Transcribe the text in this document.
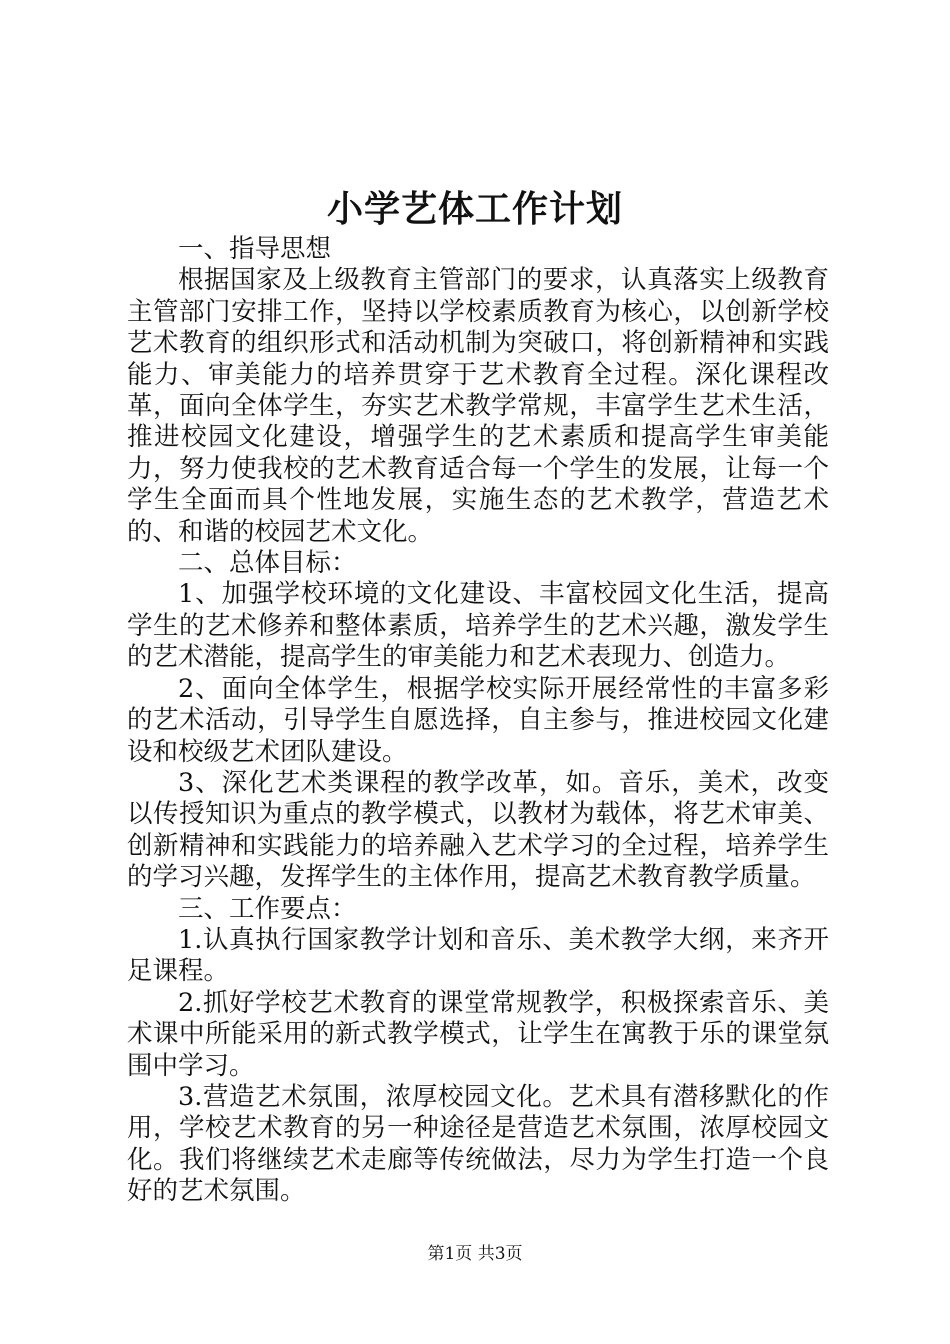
小学艺体工作计划

一、指导思想

根据国家及上级教育主管部门的要求，认真落实上级教育主管部门安排工作，坚持以学校素质教育为核心，以创新学校艺术教育的组织形式和活动机制为突破口，将创新精神和实践能力、审美能力的培养贯穿于艺术教育全过程。深化课程改革，面向全体学生，夯实艺术教学常规，丰富学生艺术生活，推进校园文化建设，增强学生的艺术素质和提高学生审美能力，努力使我校的艺术教育适合每一个学生的发展，让每一个学生全面而具个性地发展，实施生态的艺术教学，营造艺术的、和谐的校园艺术文化。

二、总体目标：

1、加强学校环境的文化建设、丰富校园文化生活，提高学生的艺术修养和整体素质，培养学生的艺术兴趣，激发学生的艺术潜能，提高学生的审美能力和艺术表现力、创造力。

2、面向全体学生，根据学校实际开展经常性的丰富多彩的艺术活动，引导学生自愿选择，自主参与，推进校园文化建设和校级艺术团队建设。

3、深化艺术类课程的教学改革，如。音乐，美术，改变以传授知识为重点的教学模式，以教材为载体，将艺术审美、创新精神和实践能力的培养融入艺术学习的全过程，培养学生的学习兴趣，发挥学生的主体作用，提高艺术教育教学质量。

三、工作要点：

1.认真执行国家教学计划和音乐、美术教学大纲，来齐开足课程。

2.抓好学校艺术教育的课堂常规教学，积极探索音乐、美术课中所能采用的新式教学模式，让学生在寓教于乐的课堂氛围中学习。

3.营造艺术氛围，浓厚校园文化。艺术具有潜移默化的作用，学校艺术教育的另一种途径是营造艺术氛围，浓厚校园文化。我们将继续艺术走廊等传统做法，尽力为学生打造一个良好的艺术氛围。

第1页 共3页
